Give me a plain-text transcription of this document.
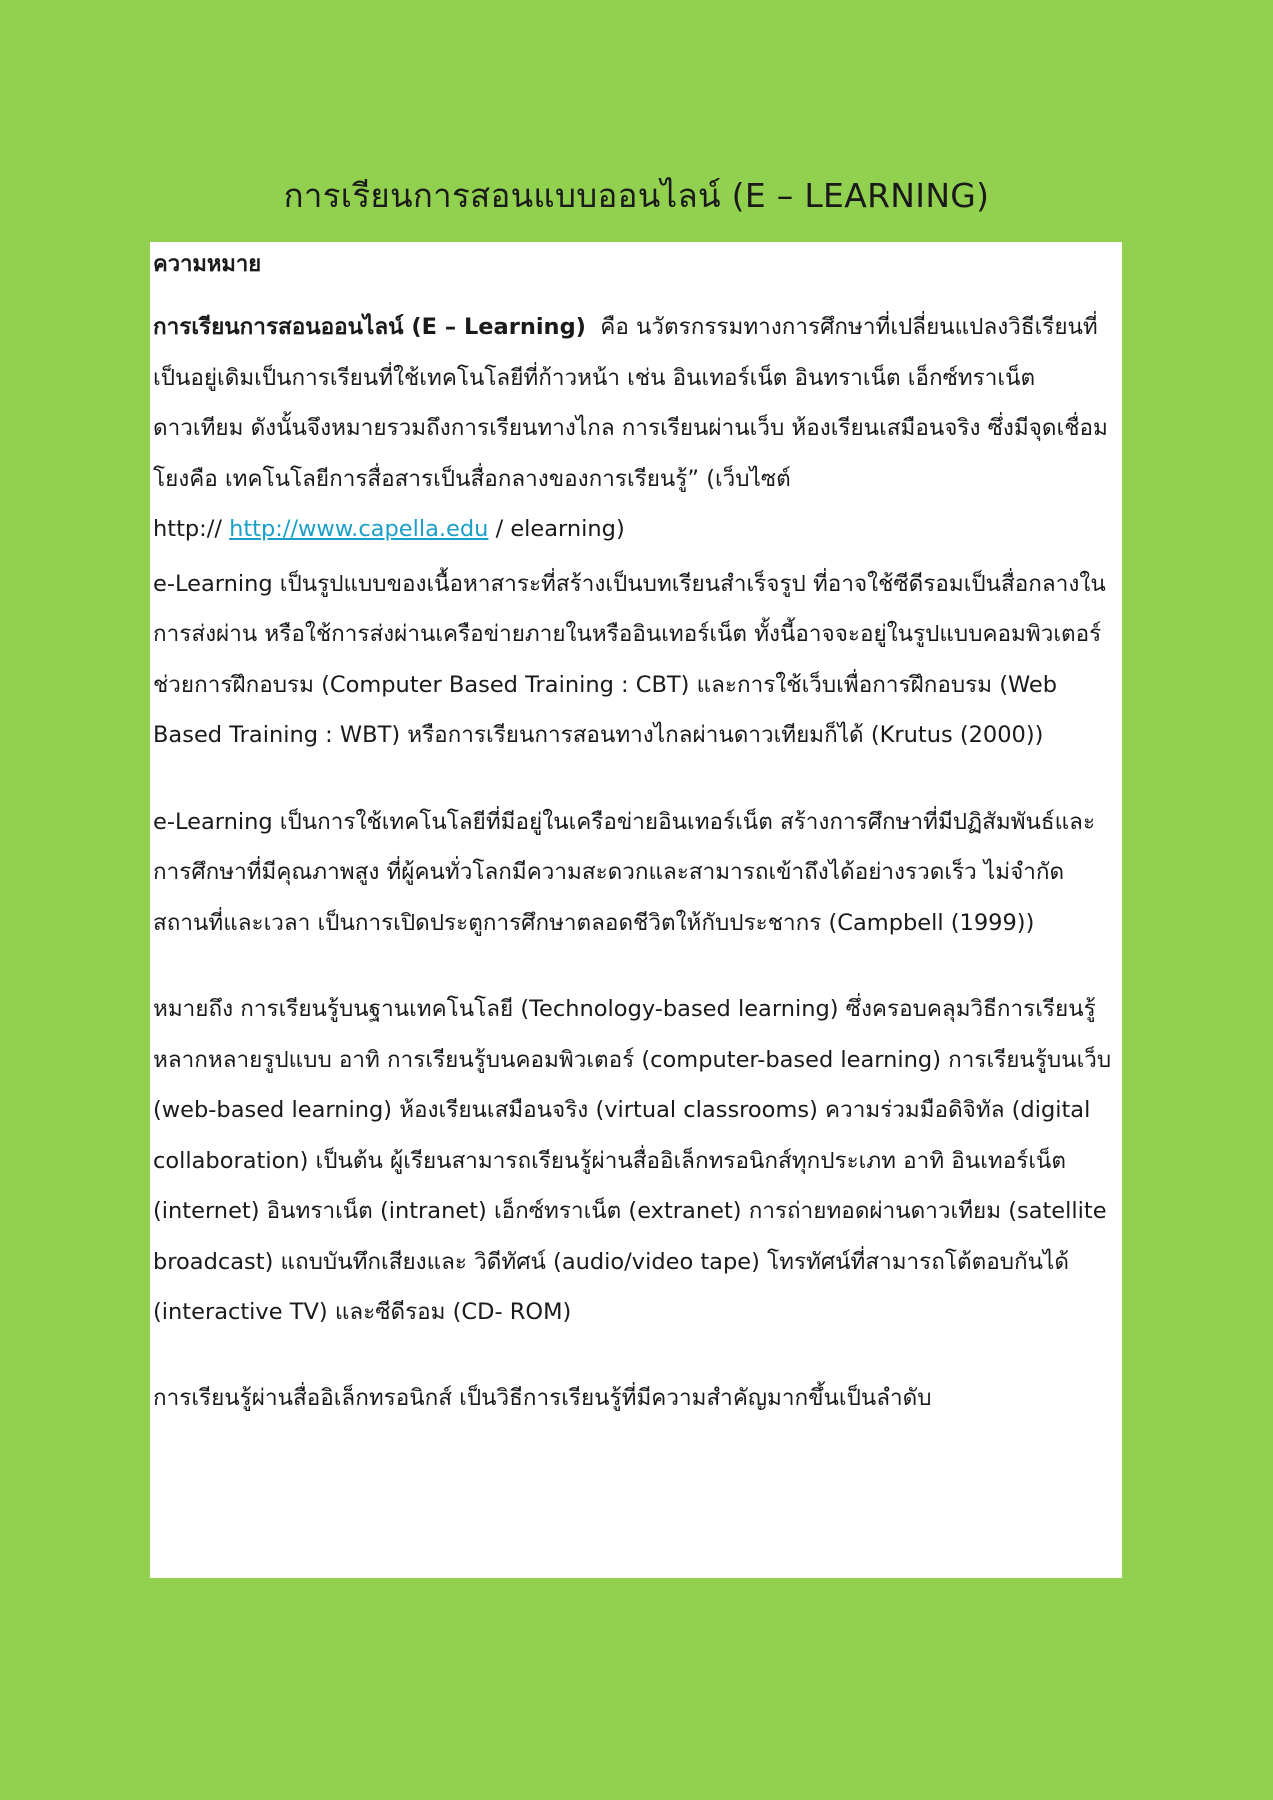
การเรียนการสอนแบบออนไลน์ (E – LEARNING)
ความหมาย

การเรียนการสอนออนไลน์ (E – Learning) คือ นวัตรกรรมทางการศึกษาที่เปลี่ยนแปลงวิธีเรียนที่เป็นอยู่เดิมเป็นการเรียนที่ใช้เทคโนโลยีที่ก้าวหน้า เช่น อินเทอร์เน็ต อินทราเน็ต เอ็กซ์ทราเน็ต ดาวเทียม ดังนั้นจึงหมายรวมถึงการเรียนทางไกล การเรียนผ่านเว็บ ห้องเรียนเสมือนจริง ซึ่งมีจุดเชื่อมโยงคือ เทคโนโลยีการสื่อสารเป็นสื่อกลางของการเรียนรู้” (เว็บไซต์
http:// http://www.capella.edu / elearning)

e-Learning เป็นรูปแบบของเนื้อหาสาระที่สร้างเป็นบทเรียนสำเร็จรูป ที่อาจใช้ซีดีรอมเป็นสื่อกลางในการส่งผ่าน หรือใช้การส่งผ่านเครือข่ายภายในหรืออินเทอร์เน็ต ทั้งนี้อาจจะอยู่ในรูปแบบคอมพิวเตอร์ช่วยการฝึกอบรม (Computer Based Training : CBT) และการใช้เว็บเพื่อการฝึกอบรม (Web Based Training : WBT) หรือการเรียนการสอนทางไกลผ่านดาวเทียมก็ได้ (Krutus (2000))

e-Learning เป็นการใช้เทคโนโลยีที่มีอยู่ในเครือข่ายอินเทอร์เน็ต สร้างการศึกษาที่มีปฏิสัมพันธ์และการศึกษาที่มีคุณภาพสูง ที่ผู้คนทั่วโลกมีความสะดวกและสามารถเข้าถึงได้อย่างรวดเร็ว ไม่จำกัดสถานที่และเวลา เป็นการเปิดประตูการศึกษาตลอดชีวิตให้กับประชากร (Campbell (1999))

หมายถึง การเรียนรู้บนฐานเทคโนโลยี (Technology-based learning) ซึ่งครอบคลุมวิธีการเรียนรู้หลากหลายรูปแบบ อาทิ การเรียนรู้บนคอมพิวเตอร์ (computer-based learning) การเรียนรู้บนเว็บ (web-based learning) ห้องเรียนเสมือนจริง (virtual classrooms) ความร่วมมือดิจิทัล (digital collaboration) เป็นต้น ผู้เรียนสามารถเรียนรู้ผ่านสื่ออิเล็กทรอนิกส์ทุกประเภท อาทิ อินเทอร์เน็ต (internet) อินทราเน็ต (intranet) เอ็กซ์ทราเน็ต (extranet) การถ่ายทอดผ่านดาวเทียม (satellite broadcast) แถบบันทึกเสียงและ วิดีทัศน์ (audio/video tape) โทรทัศน์ที่สามารถโต้ตอบกันได้ (interactive TV) และซีดีรอม (CD- ROM)

การเรียนรู้ผ่านสื่ออิเล็กทรอนิกส์ เป็นวิธีการเรียนรู้ที่มีความสำคัญมากขึ้นเป็นลำดับ
